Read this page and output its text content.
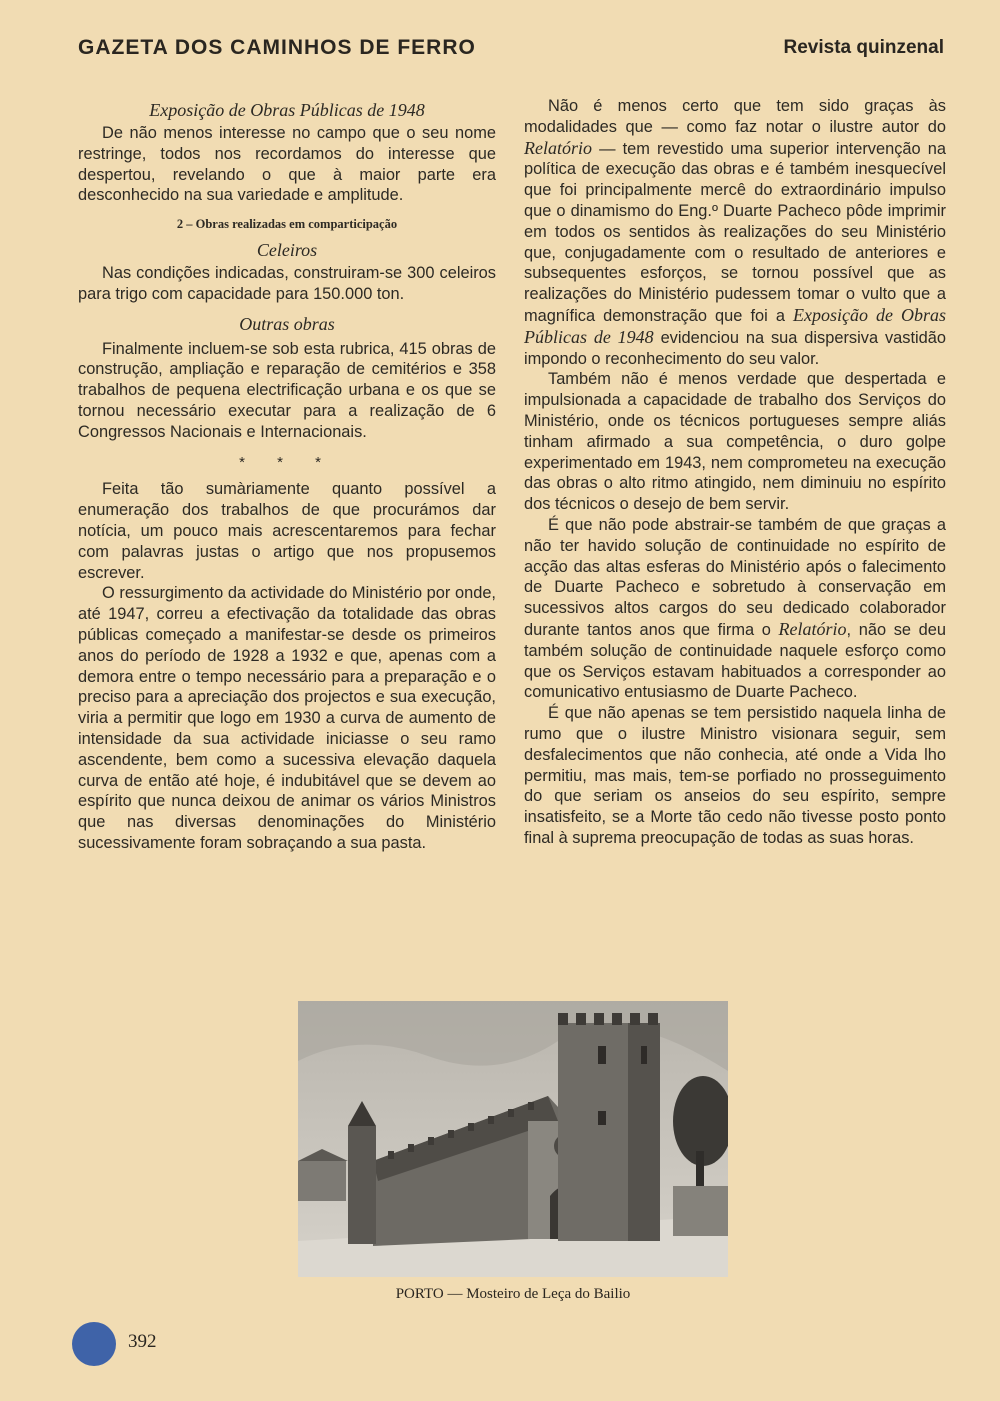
GAZETA DOS CAMINHOS DE FERRO	Revista quinzenal
Exposição de Obras Públicas de 1948

De não menos interesse no campo que o seu nome restringe, todos nos recordamos do interesse que despertou, revelando o que à maior parte era desconhecido na sua variedade e amplitude.

2 – Obras realizadas em comparticipação
Celeiros

Nas condições indicadas, construiram-se 300 celeiros para trigo com capacidade para 150.000 ton.

Outras obras

Finalmente incluem-se sob esta rubrica, 415 obras de construção, ampliação e reparação de cemitérios e 358 trabalhos de pequena electrificação urbana e os que se tornou necessário executar para a realização de 6 Congressos Nacionais e Internacionais.

* * *

Feita tão sumàriamente quanto possível a enumeração dos trabalhos de que procurámos dar notícia, um pouco mais acrescentaremos para fechar com palavras justas o artigo que nos propusemos escrever.

O ressurgimento da actividade do Ministério por onde, até 1947, correu a efectivação da totalidade das obras públicas começado a manifestar-se desde os primeiros anos do período de 1928 a 1932 e que, apenas com a demora entre o tempo necessário para a preparação e o preciso para a apreciação dos projectos e sua execução, viria a permitir que logo em 1930 a curva de aumento de intensidade da sua actividade iniciasse o seu ramo ascendente, bem como a sucessiva elevação daquela curva de então até hoje, é indubitável que se devem ao espírito que nunca deixou de animar os vários Ministros que nas diversas denominações do Ministério sucessivamente foram sobraçando a sua pasta.

Não é menos certo que tem sido graças às modalidades que — como faz notar o ilustre autor do Relatório — tem revestido uma superior intervenção na política de execução das obras e é também inesquecível que foi principalmente mercê do extraordinário impulso que o dinamismo do Eng.º Duarte Pacheco pôde imprimir em todos os sentidos às realizações do seu Ministério que, conjugadamente com o resultado de anteriores e subsequentes esforços, se tornou possível que as realizações do Ministério pudessem tomar o vulto que a magnífica demonstração que foi a Exposição de Obras Públicas de 1948 evidenciou na sua dispersiva vastidão impondo o reconhecimento do seu valor.

Também não é menos verdade que despertada e impulsionada a capacidade de trabalho dos Serviços do Ministério, onde os técnicos portugueses sempre aliás tinham afirmado a sua competência, o duro golpe experimentado em 1943, nem comprometeu na execução das obras o alto ritmo atingido, nem diminuiu no espírito dos técnicos o desejo de bem servir.

É que não pode abstrair-se também de que graças a não ter havido solução de continuidade no espírito de acção das altas esferas do Ministério após o falecimento de Duarte Pacheco e sobretudo à conservação em sucessivos altos cargos do seu dedicado colaborador durante tantos anos que firma o Relatório, não se deu também solução de continuidade naquele esforço como que os Serviços estavam habituados a corresponder ao comunicativo entusiasmo de Duarte Pacheco.

É que não apenas se tem persistido naquela linha de rumo que o ilustre Ministro visionara seguir, sem desfalecimentos que não conhecia, até onde a Vida lho permitiu, mas mais, tem-se porfiado no prosseguimento do que seriam os anseios do seu espírito, sempre insatisfeito, se a Morte tão cedo não tivesse posto ponto final à suprema preocupação de todas as suas horas.

PORTO — Mosteiro de Leça do Bailio
392
